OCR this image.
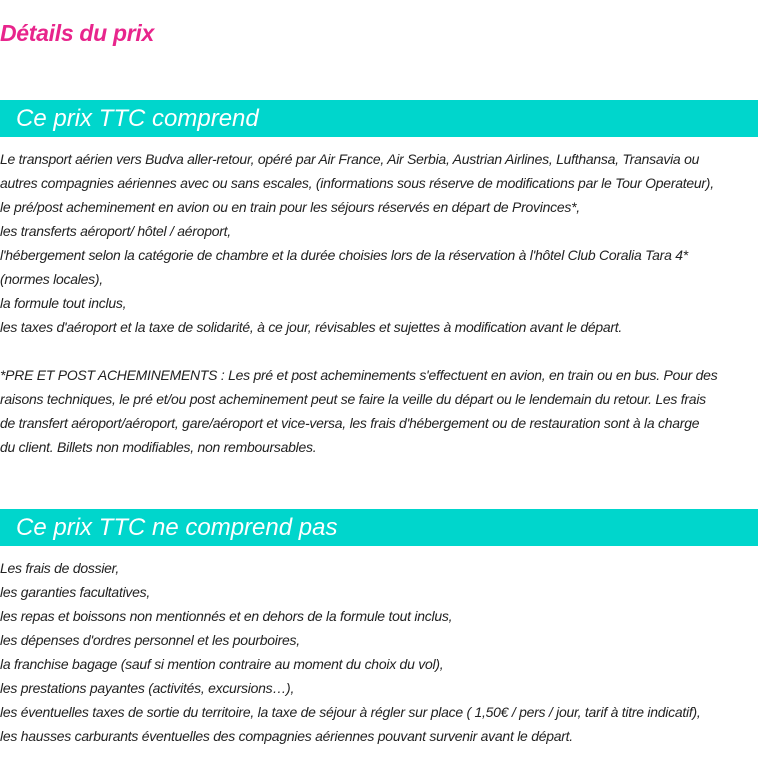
Détails du prix
Ce prix TTC comprend
Le transport aérien vers Budva aller-retour, opéré par Air France, Air Serbia, Austrian Airlines, Lufthansa, Transavia ou
autres compagnies aériennes avec ou sans escales, (informations sous réserve de modifications par le Tour Operateur),
le pré/post acheminement en avion ou en train pour les séjours réservés en départ de Provinces*,
les transferts aéroport/ hôtel / aéroport,
l'hébergement selon la catégorie de chambre et la durée choisies lors de la réservation à l'hôtel Club Coralia Tara 4*
(normes locales),
la formule tout inclus,
les taxes d'aéroport et la taxe de solidarité, à ce jour, révisables et sujettes à modification avant le départ.
*PRE ET POST ACHEMINEMENTS : Les pré et post acheminements s'effectuent en avion, en train ou en bus. Pour des
raisons techniques, le pré et/ou post acheminement peut se faire la veille du départ ou le lendemain du retour. Les frais
de transfert aéroport/aéroport, gare/aéroport et vice-versa, les frais d'hébergement ou de restauration sont à la charge
du client. Billets non modifiables, non remboursables.
Ce prix TTC ne comprend pas
Les frais de dossier,
les garanties facultatives,
les repas et boissons non mentionnés et en dehors de la formule tout inclus,
les dépenses d'ordres personnel et les pourboires,
la franchise bagage (sauf si mention contraire au moment du choix du vol),
les prestations payantes (activités, excursions…),
les éventuelles taxes de sortie du territoire, la taxe de séjour à régler sur place ( 1,50€ / pers / jour, tarif à titre indicatif),
les hausses carburants éventuelles des compagnies aériennes pouvant survenir avant le départ.
